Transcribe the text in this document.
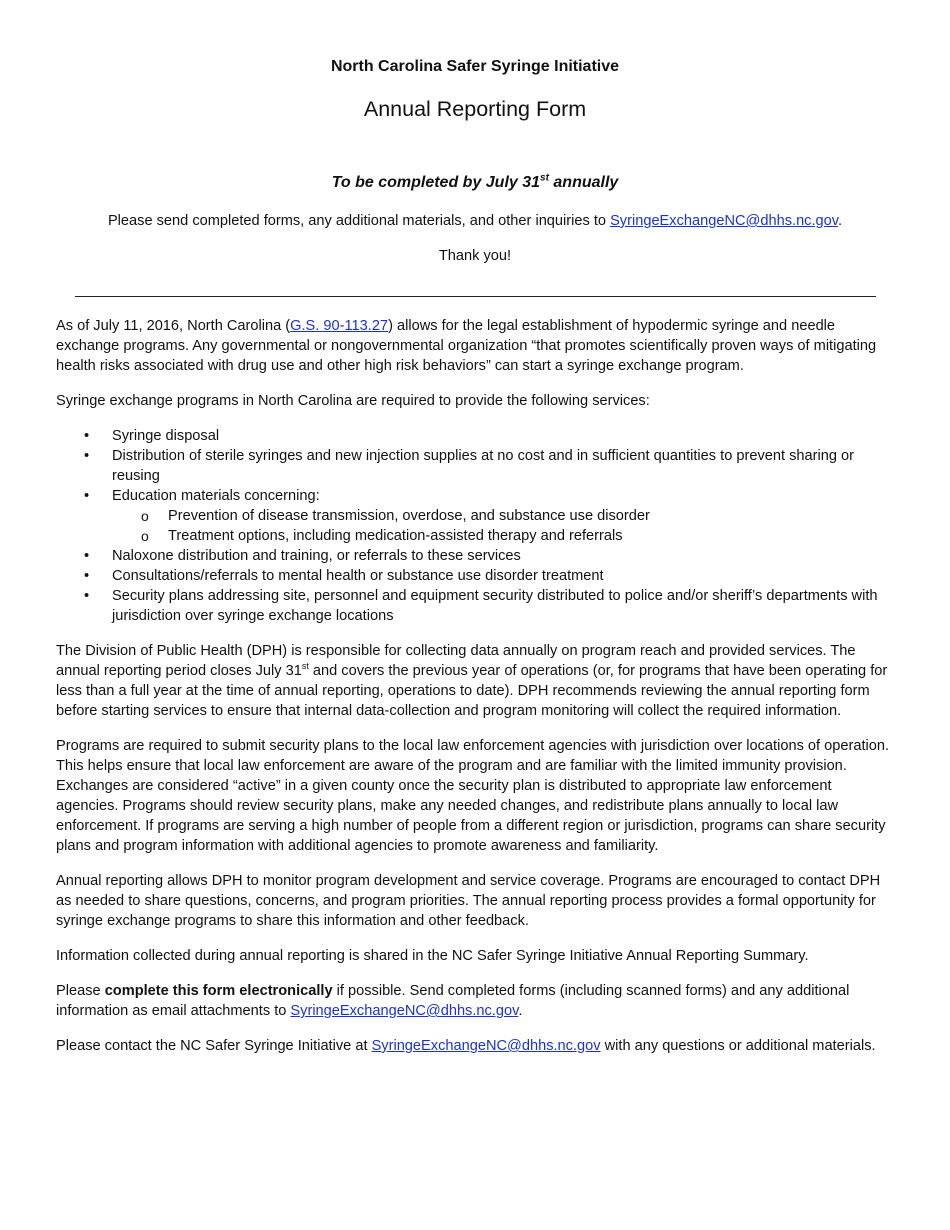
North Carolina Safer Syringe Initiative
Annual Reporting Form
To be completed by July 31st annually
Please send completed forms, any additional materials, and other inquiries to SyringeExchangeNC@dhhs.nc.gov.
Thank you!

As of July 11, 2016, North Carolina (G.S. 90-113.27) allows for the legal establishment of hypodermic syringe and needle exchange programs. Any governmental or nongovernmental organization “that promotes scientifically proven ways of mitigating health risks associated with drug use and other high risk behaviors” can start a syringe exchange program.

Syringe exchange programs in North Carolina are required to provide the following services:

• Syringe disposal
• Distribution of sterile syringes and new injection supplies at no cost and in sufficient quantities to prevent sharing or reusing
• Education materials concerning:
o Prevention of disease transmission, overdose, and substance use disorder
o Treatment options, including medication-assisted therapy and referrals
• Naloxone distribution and training, or referrals to these services
• Consultations/referrals to mental health or substance use disorder treatment
• Security plans addressing site, personnel and equipment security distributed to police and/or sheriff’s departments with jurisdiction over syringe exchange locations

The Division of Public Health (DPH) is responsible for collecting data annually on program reach and provided services. The annual reporting period closes July 31st and covers the previous year of operations (or, for programs that have been operating for less than a full year at the time of annual reporting, operations to date). DPH recommends reviewing the annual reporting form before starting services to ensure that internal data-collection and program monitoring will collect the required information.

Programs are required to submit security plans to the local law enforcement agencies with jurisdiction over locations of operation. This helps ensure that local law enforcement are aware of the program and are familiar with the limited immunity provision. Exchanges are considered “active” in a given county once the security plan is distributed to appropriate law enforcement agencies. Programs should review security plans, make any needed changes, and redistribute plans annually to local law enforcement. If programs are serving a high number of people from a different region or jurisdiction, programs can share security plans and program information with additional agencies to promote awareness and familiarity.

Annual reporting allows DPH to monitor program development and service coverage. Programs are encouraged to contact DPH as needed to share questions, concerns, and program priorities. The annual reporting process provides a formal opportunity for syringe exchange programs to share this information and other feedback.

Information collected during annual reporting is shared in the NC Safer Syringe Initiative Annual Reporting Summary.

Please complete this form electronically if possible. Send completed forms (including scanned forms) and any additional information as email attachments to SyringeExchangeNC@dhhs.nc.gov.

Please contact the NC Safer Syringe Initiative at SyringeExchangeNC@dhhs.nc.gov with any questions or additional materials.
